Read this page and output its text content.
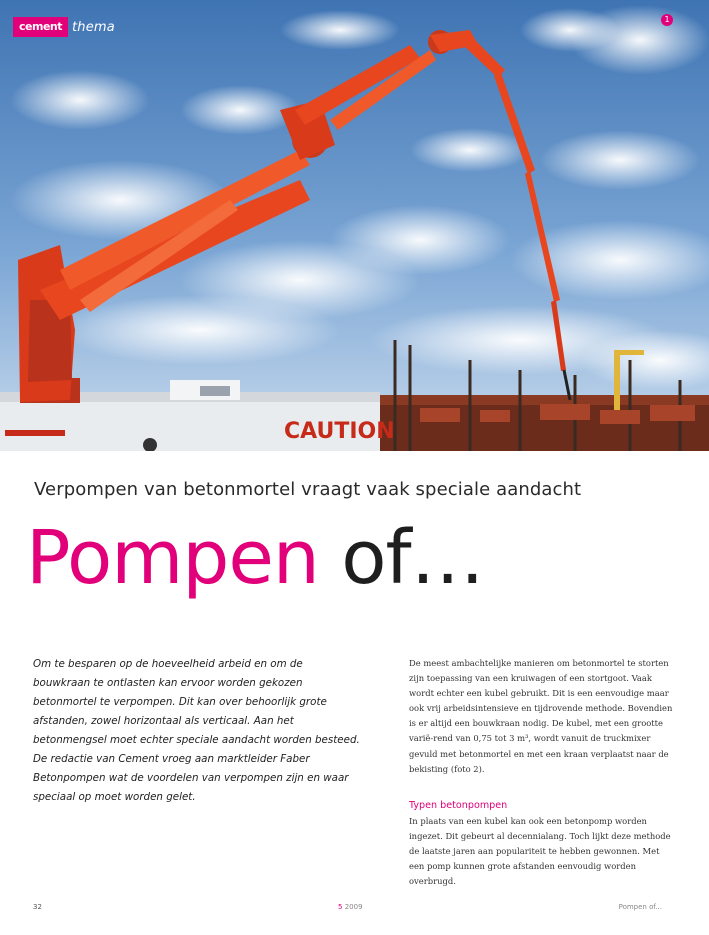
CAUTION
cement thema	1
Verpompen van betonmortel vraagt vaak speciale aandacht
Pompen of…

Om te besparen op de hoeveelheid arbeid en om de bouwkraan te ontlasten kan ervoor worden gekozen betonmortel te verpompen. Dit kan over behoorlijk grote afstanden, zowel horizontaal als verticaal. Aan het betonmengsel moet echter speciale aandacht worden besteed. De redactie van Cement vroeg aan marktleider Faber Betonpompen wat de voordelen van verpompen zijn en waar speciaal op moet worden gelet.

De meest ambachtelijke manieren om betonmortel te storten zijn toepassing van een kruiwagen of een stortgoot. Vaak wordt echter een kubel gebruikt. Dit is een eenvoudige maar ook vrij arbeidsintensieve en tijdrovende methode. Bovendien is er altijd een bouwkraan nodig. De kubel, met een grootte varië-rend van 0,75 tot 3 m³, wordt vanuit de truckmixer gevuld met betonmortel en met een kraan verplaatst naar de bekisting (foto 2).

Typen betonpompen

In plaats van een kubel kan ook een betonpomp worden ingezet. Dit gebeurt al decennialang. Toch lijkt deze methode de laatste jaren aan populariteit te hebben gewonnen. Met een pomp kunnen grote afstanden eenvoudig worden overbrugd.

32	5 2009	Pompen of...
